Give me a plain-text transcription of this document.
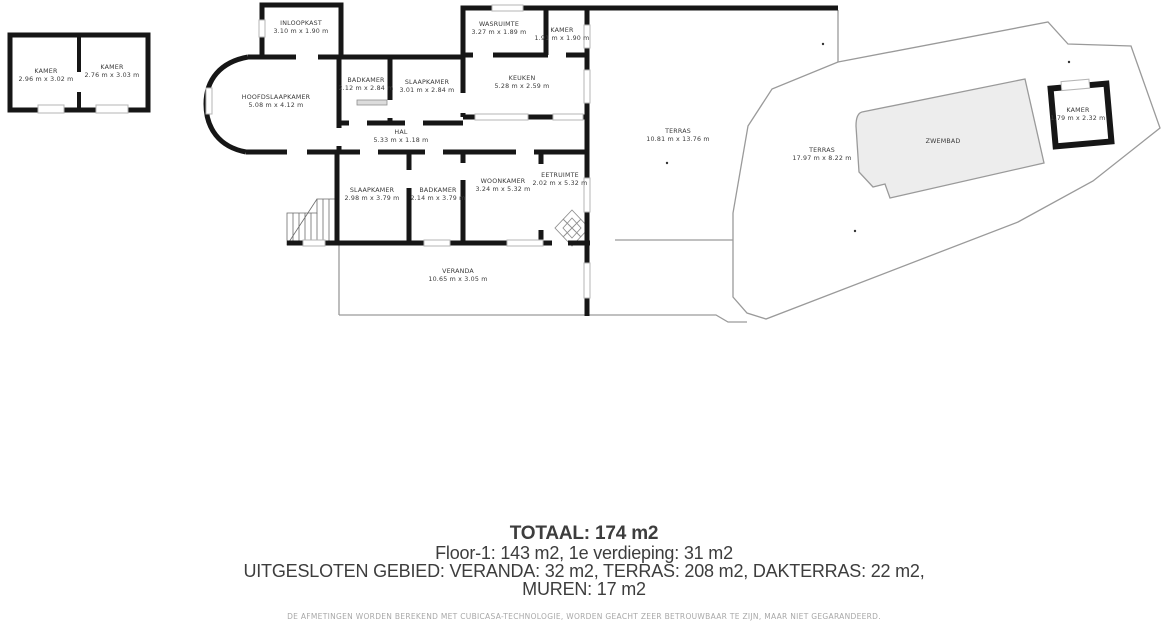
KAMER
2.96 m x 3.02 m
KAMER
2.76 m x 3.03 m
INLOOPKAST
3.10 m x 1.90 m
WASRUIMTE
3.27 m x 1.89 m	KAMER
1.91 m x 1.90 m
HOOFDSLAAPKAMER
5.08 m x 4.12 m
BADKAMER
2.12 m x 2.84 m
SLAAPKAMER
3.01 m x 2.84 m
KEUKEN
5.28 m x 2.59 m
HAL
5.33 m x 1.18 m
SLAAPKAMER
2.98 m x 3.79 m
BADKAMER
2.14 m x 3.79 m
WOONKAMER
3.24 m x 5.32 m
EETRUIMTE
2.02 m x 5.32 m
TERRAS
10.81 m x 13.76 m
TERRAS
17.97 m x 8.22 m
ZWEMBAD
VERANDA
10.65 m x 3.05 m
KAMER
1.79 m x 2.32 m
TOTAAL: 174 m2
Floor-1: 143 m2, 1e verdieping: 31 m2
UITGESLOTEN GEBIED: VERANDA: 32 m2, TERRAS: 208 m2, DAKTERRAS: 22 m2,
MUREN: 17 m2
DE AFMETINGEN WORDEN BEREKEND MET CUBICASA-TECHNOLOGIE, WORDEN GEACHT ZEER BETROUWBAAR TE ZIJN, MAAR NIET GEGARANDEERD.
